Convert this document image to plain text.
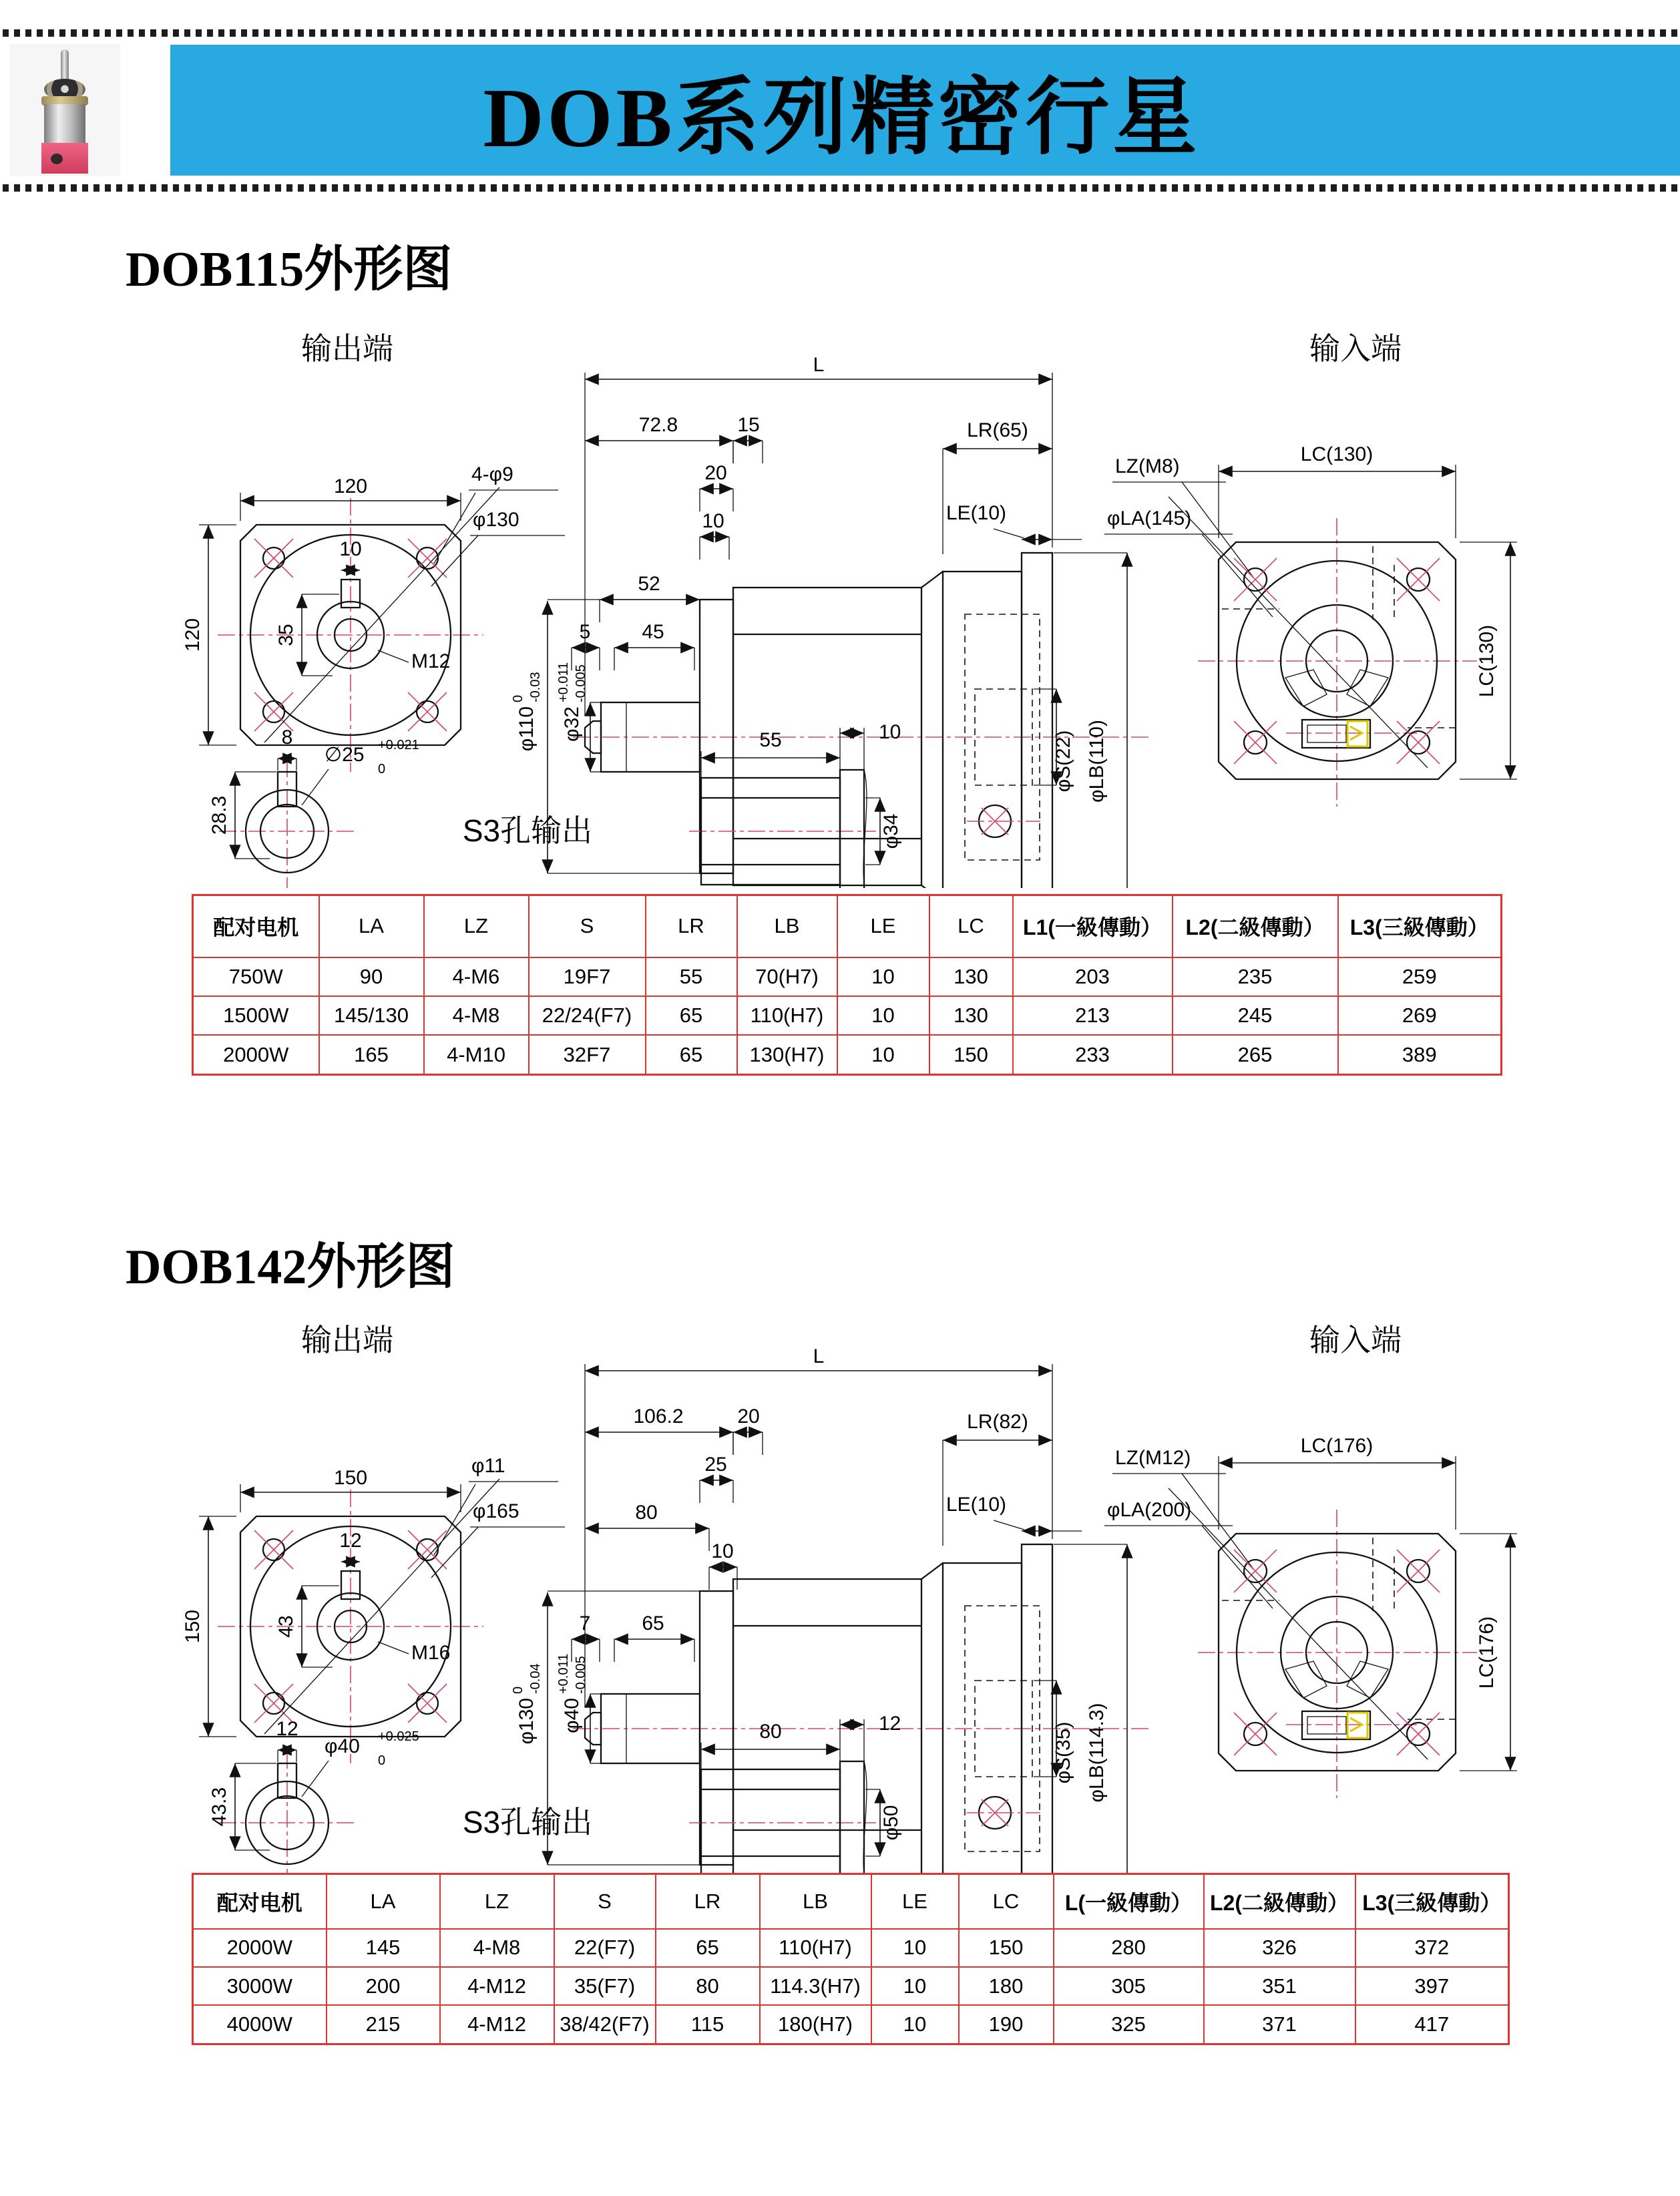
DOB系列精密行星
DOB115外形图
输出端
120
120
10
35
M12
4-φ9
φ130
L
72.8	15
20
10
52
5	45
LR(65)
LE(10)
φ110
0 -0.03
φ32
+0.011 -0.005
φS(22) φLB(110)
LZ(M8)
φLA(145)
8
28.3
∅25 +0.021
0
S3孔输出
55	10
φ34
输入端
LC(130)
LC(130)
配对电机	LA	LZ	S	LR	LB	LE	LC	L1(一級傳動）	L2(二級傳動）	L3(三級傳動）
750W	90	4-M6	19F7	55	70(H7)	10	130	203	235	259
1500W	145/130	4-M8	22/24(F7)	65	110(H7)	10	130	213	245	269
2000W	165	4-M10	32F7	65	130(H7)	10	150	233	265	389
DOB142外形图
输出端
150
150
12
43
M16
φ11
φ165
L
106.2	20
25
80
10
7	65
LR(82)
LE(10)
φ130
0 -0.04
φ40
+0.011 -0.005
φS(35) φLB(114.3)
LZ(M12)
φLA(200)
12
43.3
φ40 +0.025
0
S3孔输出
80	12
φ50
输入端
LC(176)
LC(176)
配对电机	LA	LZ	S	LR	LB	LE	LC	L(一級傳動）	L2(二級傳動）	L3(三級傳動）
2000W	145	4-M8	22(F7)	65	110(H7)	10	150	280	326	372
3000W	200	4-M12	35(F7)	80	114.3(H7)	10	180	305	351	397
4000W	215	4-M12	38/42(F7)	115	180(H7)	10	190	325	371	417
